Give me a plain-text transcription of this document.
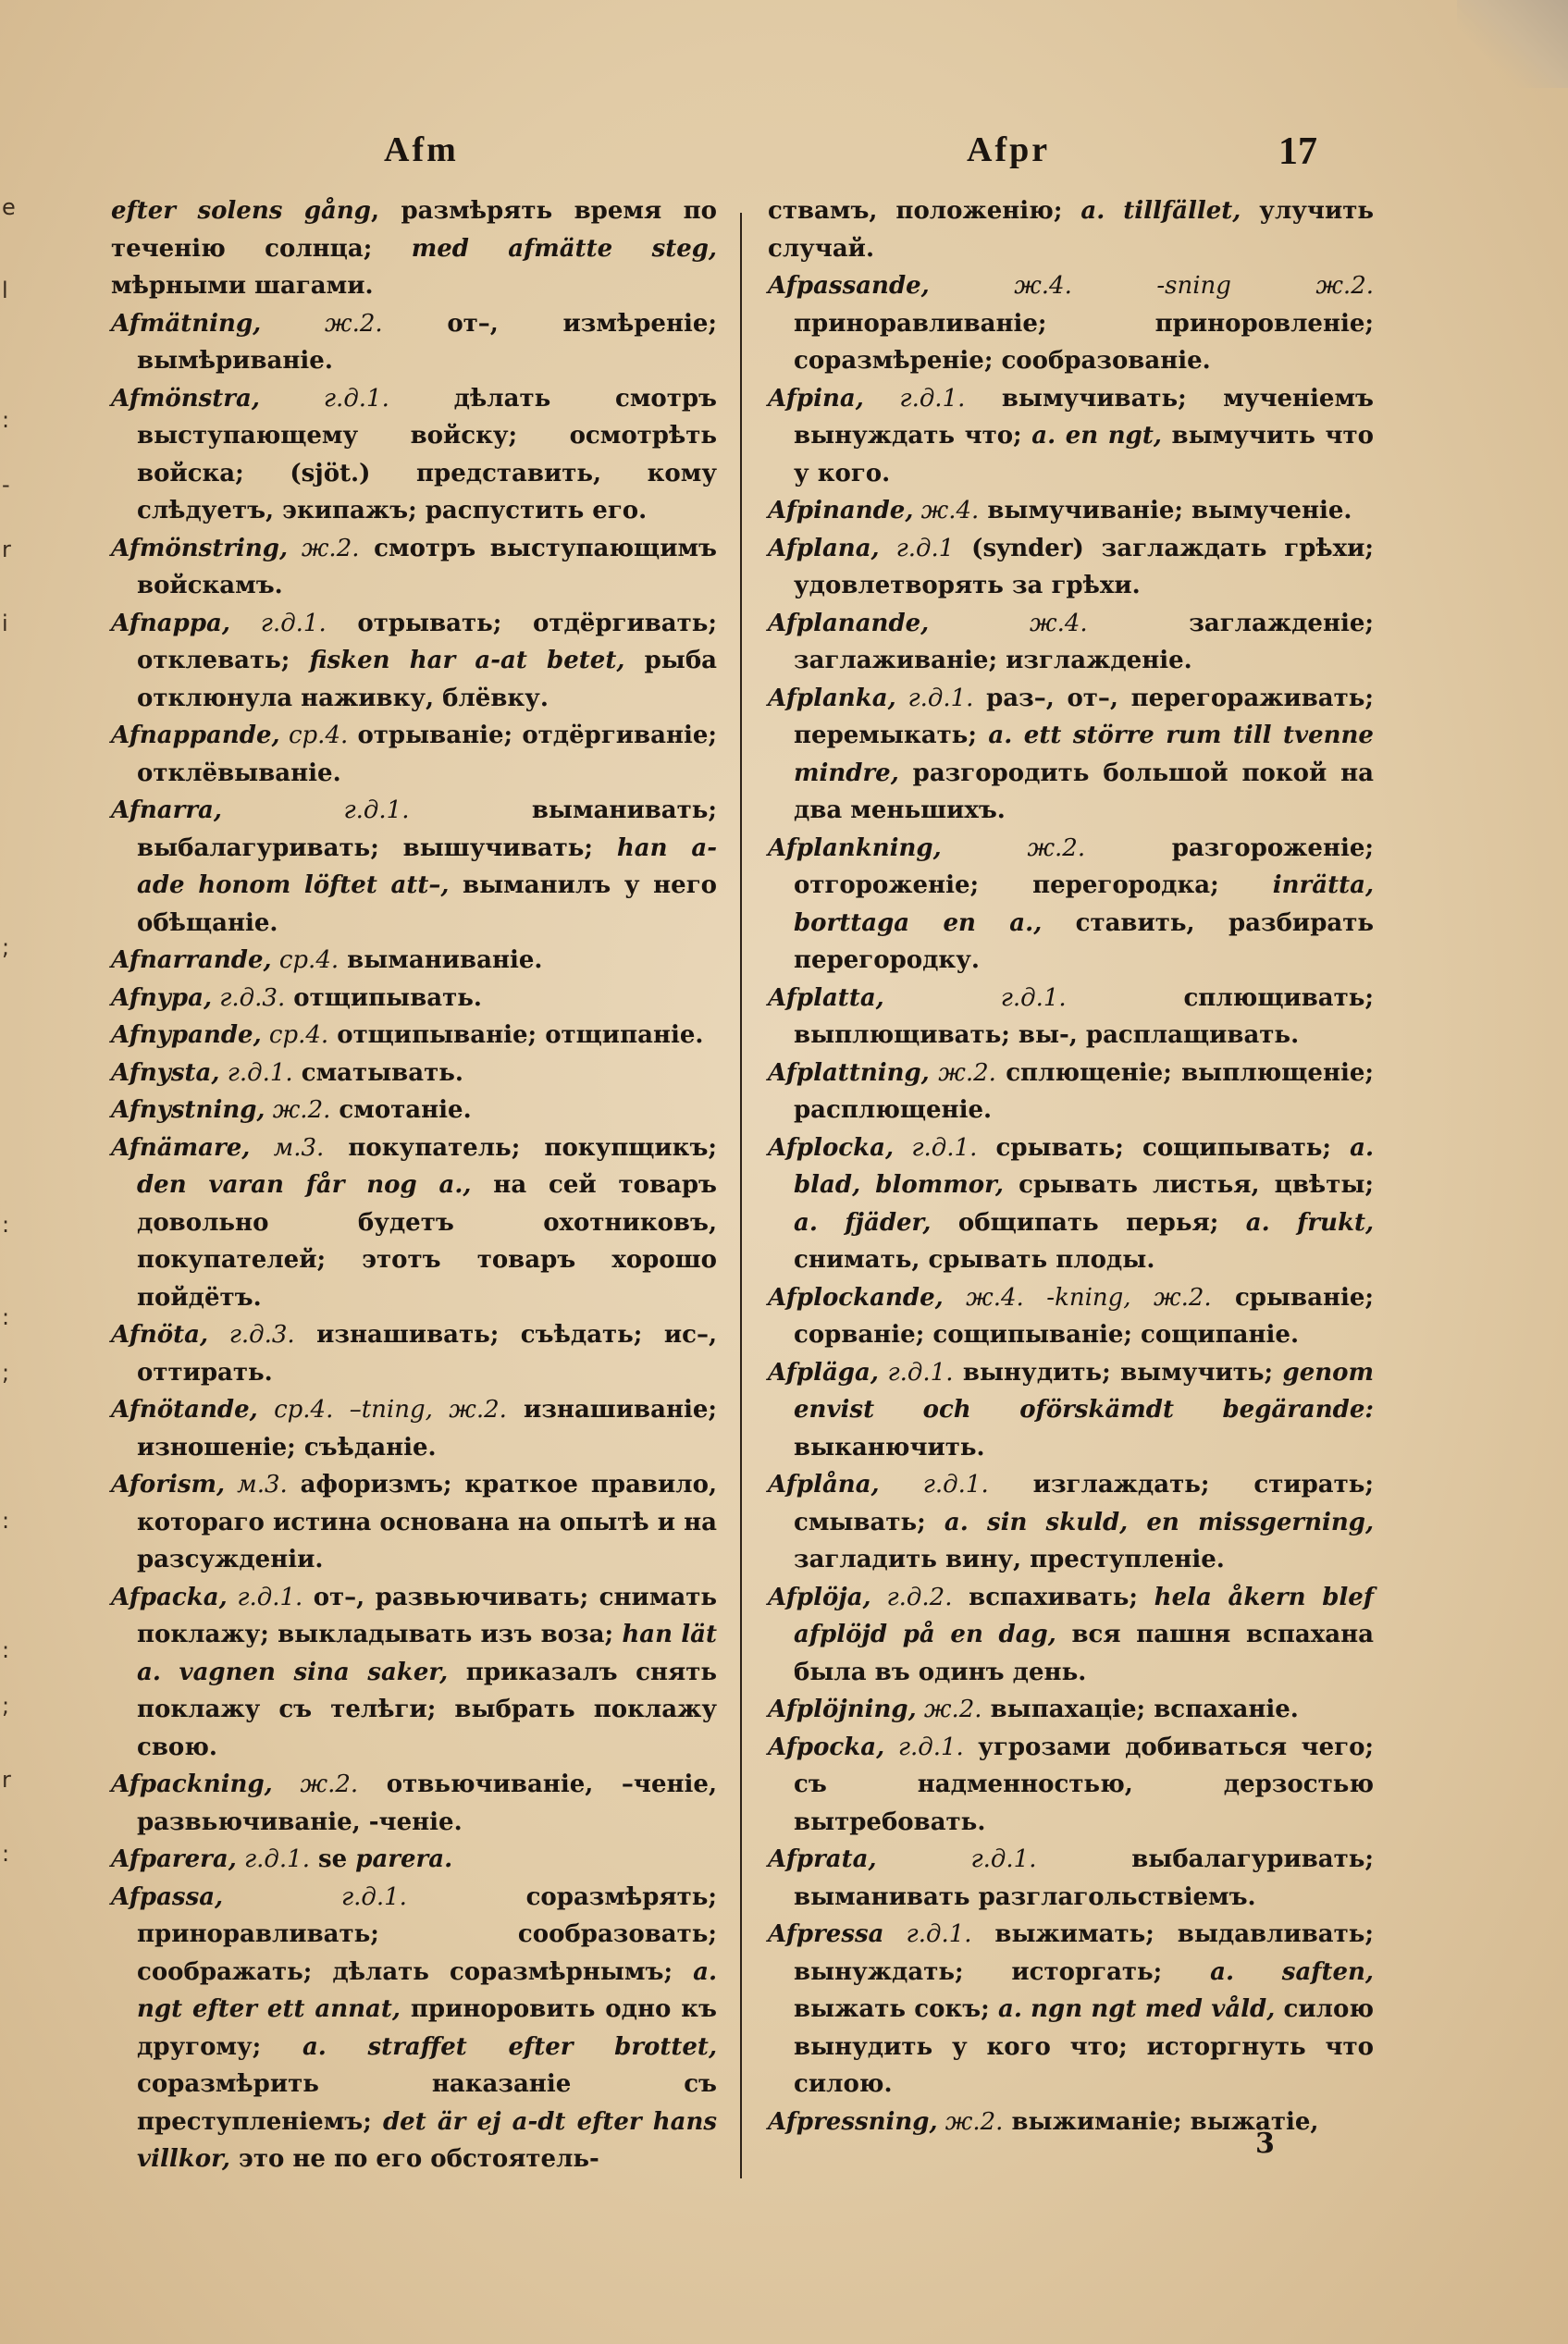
e
l
:
-
r
i
;
:
:
;
:
:
;
r
:
Afm	Afpr	17

efter solens gång, размѣрять время по теченію солнца; med afmätte steg, мѣрными шагами.

Afmätning, ж.2. от–, измѣреніе; вымѣриваніе.

Afmönstra, г.д.1. дѣлать смотръ выступающему войску; осмотрѣть войска; (sjöt.) представить, кому слѣдуетъ, экипажъ; распустить его.

Afmönstring, ж.2. смотръ выступающимъ войскамъ.

Afnappa, г.д.1. отрывать; отдёргивать; отклевать; fisken har a-at betet, рыба отклюнула наживку, блёвку.

Afnappande, ср.4. отрываніе; отдёргиваніе; отклёвываніе.

Afnarra, г.д.1. выманивать; выбалагуривать; вышучивать; han a-ade honom löftet att–, выманилъ у него обѣщаніе.

Afnarrande, ср.4. выманиваніе.

Afnypa, г.д.3. отщипывать.

Afnypande, ср.4. отщипываніе; отщипаніе.

Afnysta, г.д.1. сматывать.

Afnystning, ж.2. смотаніе.

Afnämare, м.3. покупатель; покупщикъ; den varan får nog a., на сей товаръ довольно будетъ охотниковъ, покупателей; этотъ товаръ хорошо пойдётъ.

Afnöta, г.д.3. изнашивать; съѣдать; ис–, оттирать.

Afnötande, ср.4. –tning, ж.2. изнашиваніе; изношеніе; съѣданіе.

Aforism, м.3. афоризмъ; краткое правило, котораго истина основана на опытѣ и на разсужденіи.

Afpacka, г.д.1. от–, развьючивать; снимать поклажу; выкладывать изъ воза; han lät a. vagnen sina saker, приказалъ снять поклажу съ телѣги; выбрать поклажу свою.

Afpackning, ж.2. отвьючиваніе, –ченіе, развьючиваніе, -ченіе.

Afparera, г.д.1. se parera.

Afpassa, г.д.1. соразмѣрять; приноравливать; сообразовать; соображать; дѣлать соразмѣрнымъ; a. ngt efter ett annat, приноровить одно къ другому; a. straffet efter brottet, соразмѣрить наказаніе съ преступленіемъ; det är ej a-dt efter hans villkor, это не по его обстоятель-

ствамъ, положенію; a. tillfället, улучить случай.

Afpassande, ж.4. -sning ж.2. приноравливаніе; приноровленіе; соразмѣреніе; сообразованіе.

Afpina, г.д.1. вымучивать; мученіемъ вынуждать что; a. en ngt, вымучить что у кого.

Afpinande, ж.4. вымучиваніе; вымученіе.

Afplana, г.д.1 (synder) заглаждать грѣхи; удовлетворять за грѣхи.

Afplanande, ж.4. заглажденіе; заглаживаніе; изглажденіе.

Afplanka, г.д.1. раз–, от–, перегораживать; перемыкать; a. ett större rum till tvenne mindre, разгородить большой покой на два меньшихъ.

Afplankning, ж.2. разгороженіе; отгороженіе; перегородка; inrätta, borttaga en a., ставить, разбирать перегородку.

Afplatta, г.д.1. сплющивать; выплющивать; вы-, расплащивать.

Afplattning, ж.2. сплющеніе; выплющеніе; расплющеніе.

Afplocka, г.д.1. срывать; сощипывать; a. blad, blommor, срывать листья, цвѣты; a. fjäder, общипать перья; a. frukt, снимать, срывать плоды.

Afplockande, ж.4. -kning, ж.2. срываніе; сорваніе; сощипываніе; сощипаніе.

Afpläga, г.д.1. вынудить; вымучить; genom envist och oförskämdt begärande: выканючить.

Afplåna, г.д.1. изглаждать; стирать; смывать; a. sin skuld, en missgerning, загладить вину, преступленіе.

Afplöja, г.д.2. вспахивать; hela åkern blef afplöjd på en dag, вся пашня вспахана была въ одинъ день.

Afplöjning, ж.2. выпахаціе; вспаханіе.

Afpocka, г.д.1. угрозами добиваться чего; съ надменностью, дерзостью вытребовать.

Afprata, г.д.1. выбалагуривать; выманивать разглагольствіемъ.

Afpressa г.д.1. выжимать; выдавливать; вынуждать; исторгать; a. saften, выжать сокъ; a. ngn ngt med våld, силою вынудить у кого что; исторгнуть что силою.

Afpressning, ж.2. выжиманіе; выжатіе,

3
